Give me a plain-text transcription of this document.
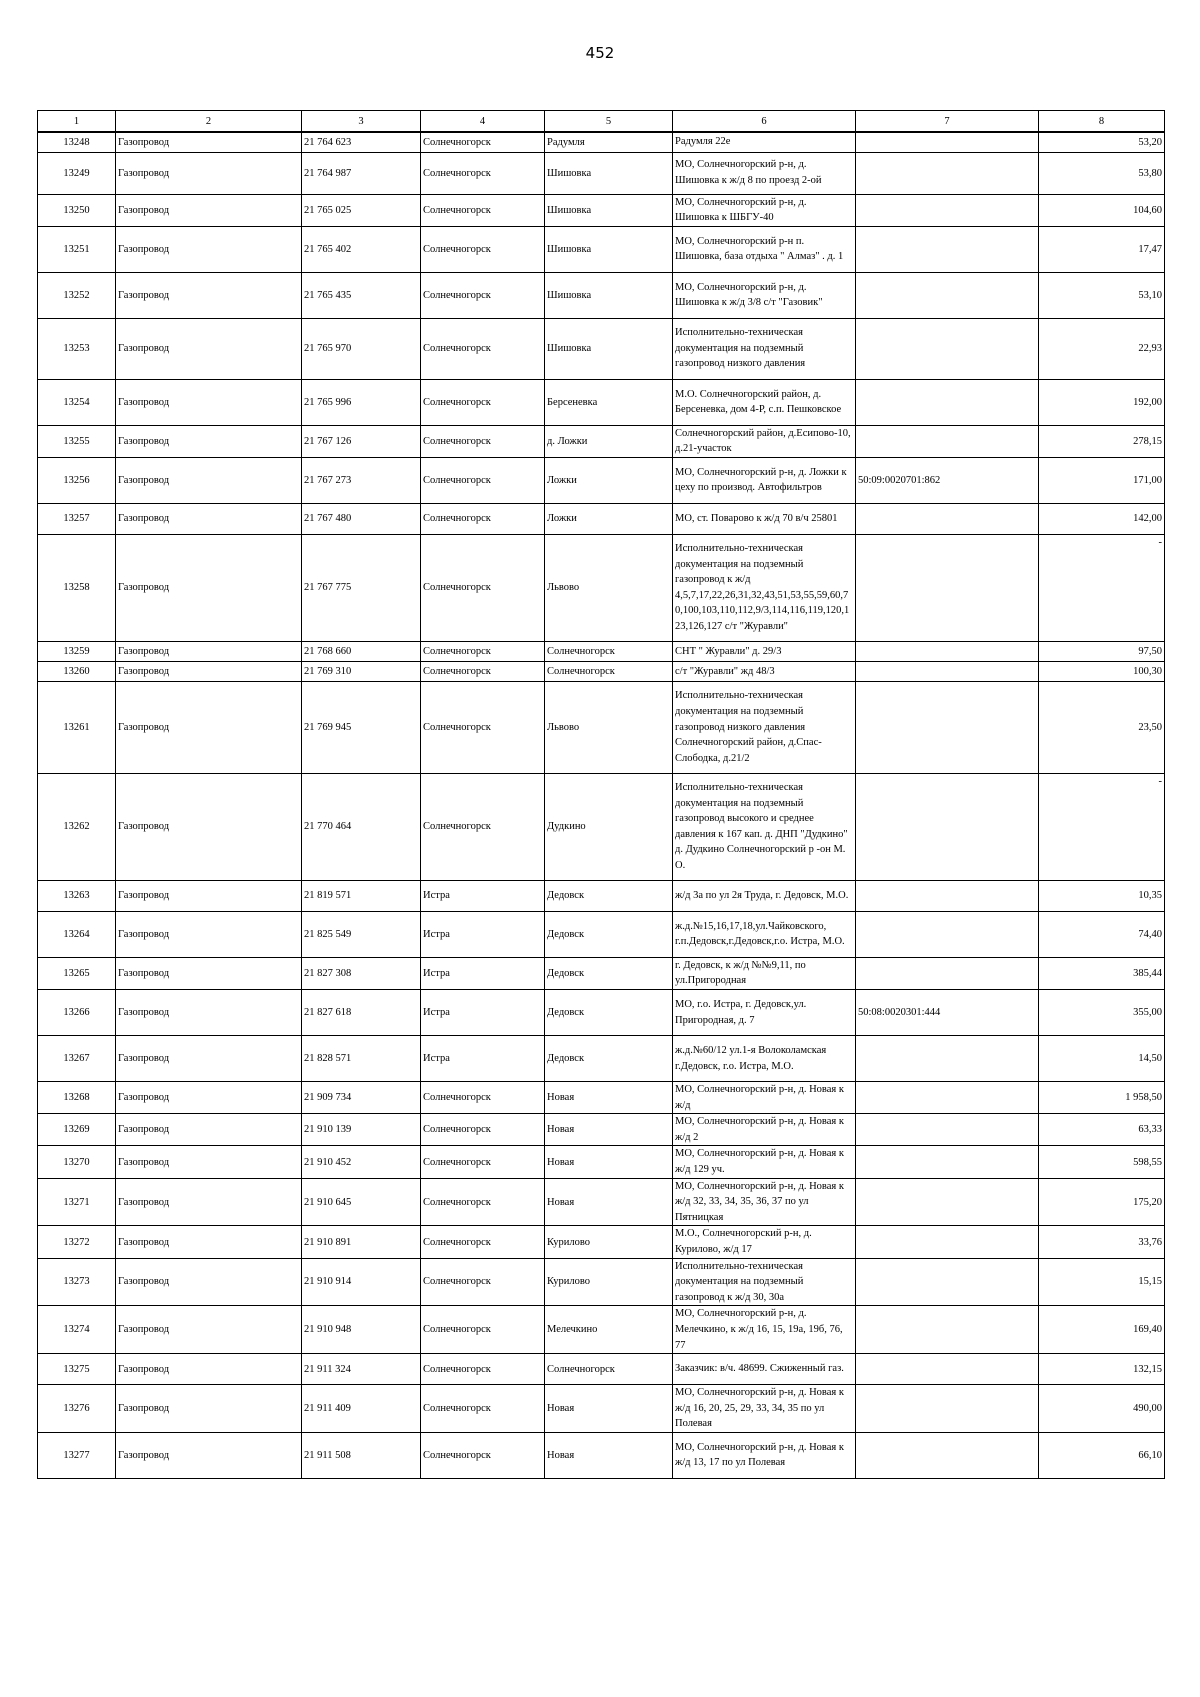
452
1	2	3	4	5	6	7	8
13248	Газопровод	21 764 623	Солнечногорск	Радумля	Радумля 22е		53,20
13249	Газопровод	21 764 987	Солнечногорск	Шишовка	МО, Солнечногорский р-н, д. Шишовка к ж/д 8 по проезд 2-ой		53,80
13250	Газопровод	21 765 025	Солнечногорск	Шишовка	МО, Солнечногорский р-н, д. Шишовка к ШБГУ-40		104,60
13251	Газопровод	21 765 402	Солнечногорск	Шишовка	МО, Солнечногорский р-н п. Шишовка, база отдыха " Алмаз" . д. 1		17,47
13252	Газопровод	21 765 435	Солнечногорск	Шишовка	МО, Солнечногорский р-н, д. Шишовка к ж/д 3/8 с/т "Газовик"		53,10
13253	Газопровод	21 765 970	Солнечногорск	Шишовка	Исполнительно-техническая документация на подземный газопровод низкого давления		22,93
13254	Газопровод	21 765 996	Солнечногорск	Берсеневка	М.О. Солнечногорский район, д. Берсеневка, дом 4-Р, с.п. Пешковское		192,00
13255	Газопровод	21 767 126	Солнечногорск	д. Ложки	Солнечногорский район, д.Есипово-10, д.21-участок		278,15
13256	Газопровод	21 767 273	Солнечногорск	Ложки	МО, Солнечногорский р-н, д. Ложки к цеху по производ. Автофильтров	50:09:0020701:862	171,00
13257	Газопровод	21 767 480	Солнечногорск	Ложки	МО, ст. Поварово к ж/д 70 в/ч 25801		142,00
13258	Газопровод	21 767 775	Солнечногорск	Львово	Исполнительно-техническая документация на подземный газопровод к ж/д 4,5,7,17,22,26,31,32,43,51,53,55,59,60,70,100,103,110,112,9/3,114,116,119,120,123,126,127 с/т "Журавли"		-
13259	Газопровод	21 768 660	Солнечногорск	Солнечногорск	СНТ " Журавли" д. 29/3		97,50
13260	Газопровод	21 769 310	Солнечногорск	Солнечногорск	с/т "Журавли" жд 48/3		100,30
13261	Газопровод	21 769 945	Солнечногорск	Львово	Исполнительно-техническая документация на подземный газопровод низкого давления Солнечногорский район, д.Спас-Слободка, д.21/2		23,50
13262	Газопровод	21 770 464	Солнечногорск	Дудкино	Исполнительно-техническая документация на подземный газопровод высокого и среднее давления к 167 кап. д. ДНП "Дудкино" д. Дудкино Солнечногорский р -он М. О.		-
13263	Газопровод	21 819 571	Истра	Дедовск	ж/д 3а по ул 2я Труда, г. Дедовск, М.О.		10,35
13264	Газопровод	21 825 549	Истра	Дедовск	ж.д.№15,16,17,18,ул.Чайковского, г.п.Дедовск,г.Дедовск,г.о. Истра, М.О.		74,40
13265	Газопровод	21 827 308	Истра	Дедовск	г. Дедовск, к ж/д №№9,11, по ул.Пригородная		385,44
13266	Газопровод	21 827 618	Истра	Дедовск	МО, г.о. Истра, г. Дедовск,ул. Пригородная, д. 7	50:08:0020301:444	355,00
13267	Газопровод	21 828 571	Истра	Дедовск	ж.д.№60/12 ул.1-я Волоколамская г.Дедовск, г.о. Истра, М.О.		14,50
13268	Газопровод	21 909 734	Солнечногорск	Новая	МО, Солнечногорский р-н, д. Новая к ж/д		1 958,50
13269	Газопровод	21 910 139	Солнечногорск	Новая	МО, Солнечногорский р-н, д. Новая к ж/д 2		63,33
13270	Газопровод	21 910 452	Солнечногорск	Новая	МО, Солнечногорский р-н, д. Новая к ж/д 129 уч.		598,55
13271	Газопровод	21 910 645	Солнечногорск	Новая	МО, Солнечногорский р-н, д. Новая к ж/д 32, 33, 34, 35, 36, 37 по ул Пятницкая		175,20
13272	Газопровод	21 910 891	Солнечногорск	Курилово	М.О., Солнечногорский р-н, д. Курилово, ж/д 17		33,76
13273	Газопровод	21 910 914	Солнечногорск	Курилово	Исполнительно-техническая документация на подземный газопровод к ж/д 30, 30а		15,15
13274	Газопровод	21 910 948	Солнечногорск	Мелечкино	МО, Солнечногорский р-н, д. Мелечкино, к ж/д 16, 15, 19а, 19б, 76, 77		169,40
13275	Газопровод	21 911 324	Солнечногорск	Солнечногорск	Заказчик: в/ч. 48699. Сжиженный газ.		132,15
13276	Газопровод	21 911 409	Солнечногорск	Новая	МО, Солнечногорский р-н, д. Новая к ж/д 16, 20, 25, 29, 33, 34, 35 по ул Полевая		490,00
13277	Газопровод	21 911 508	Солнечногорск	Новая	МО, Солнечногорский р-н, д. Новая к ж/д 13, 17 по ул Полевая		66,10
